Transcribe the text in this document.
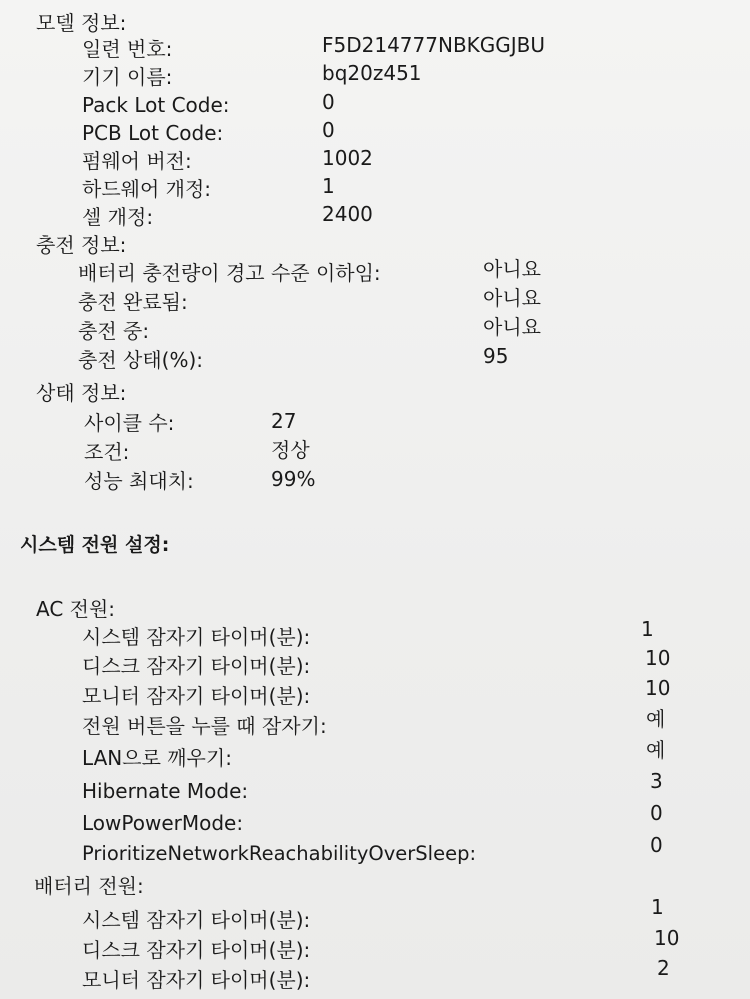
모델 정보:
일련 번호:	F5D214777NBKGGJBU
기기 이름:	bq20z451
Pack Lot Code:	0
PCB Lot Code:	0
펌웨어 버전:	1002
하드웨어 개정:	1
셀 개정:	2400
충전 정보:
배터리 충전량이 경고 수준 이하임:	아니요
충전 완료됨:	아니요
충전 중:	아니요
충전 상태(%):	95
상태 정보:
사이클 수:	27
조건:	정상
성능 최대치:	99%
시스템 전원 설정:
AC 전원:
시스템 잠자기 타이머(분):	1
디스크 잠자기 타이머(분):	10
모니터 잠자기 타이머(분):	10
전원 버튼을 누를 때 잠자기:	예
LAN으로 깨우기:	예
Hibernate Mode:	3
LowPowerMode:	0
PrioritizeNetworkReachabilityOverSleep:	0
배터리 전원:
시스템 잠자기 타이머(분):
1
디스크 잠자기 타이머(분):	10
모니터 잠자기 타이머(분):	2
